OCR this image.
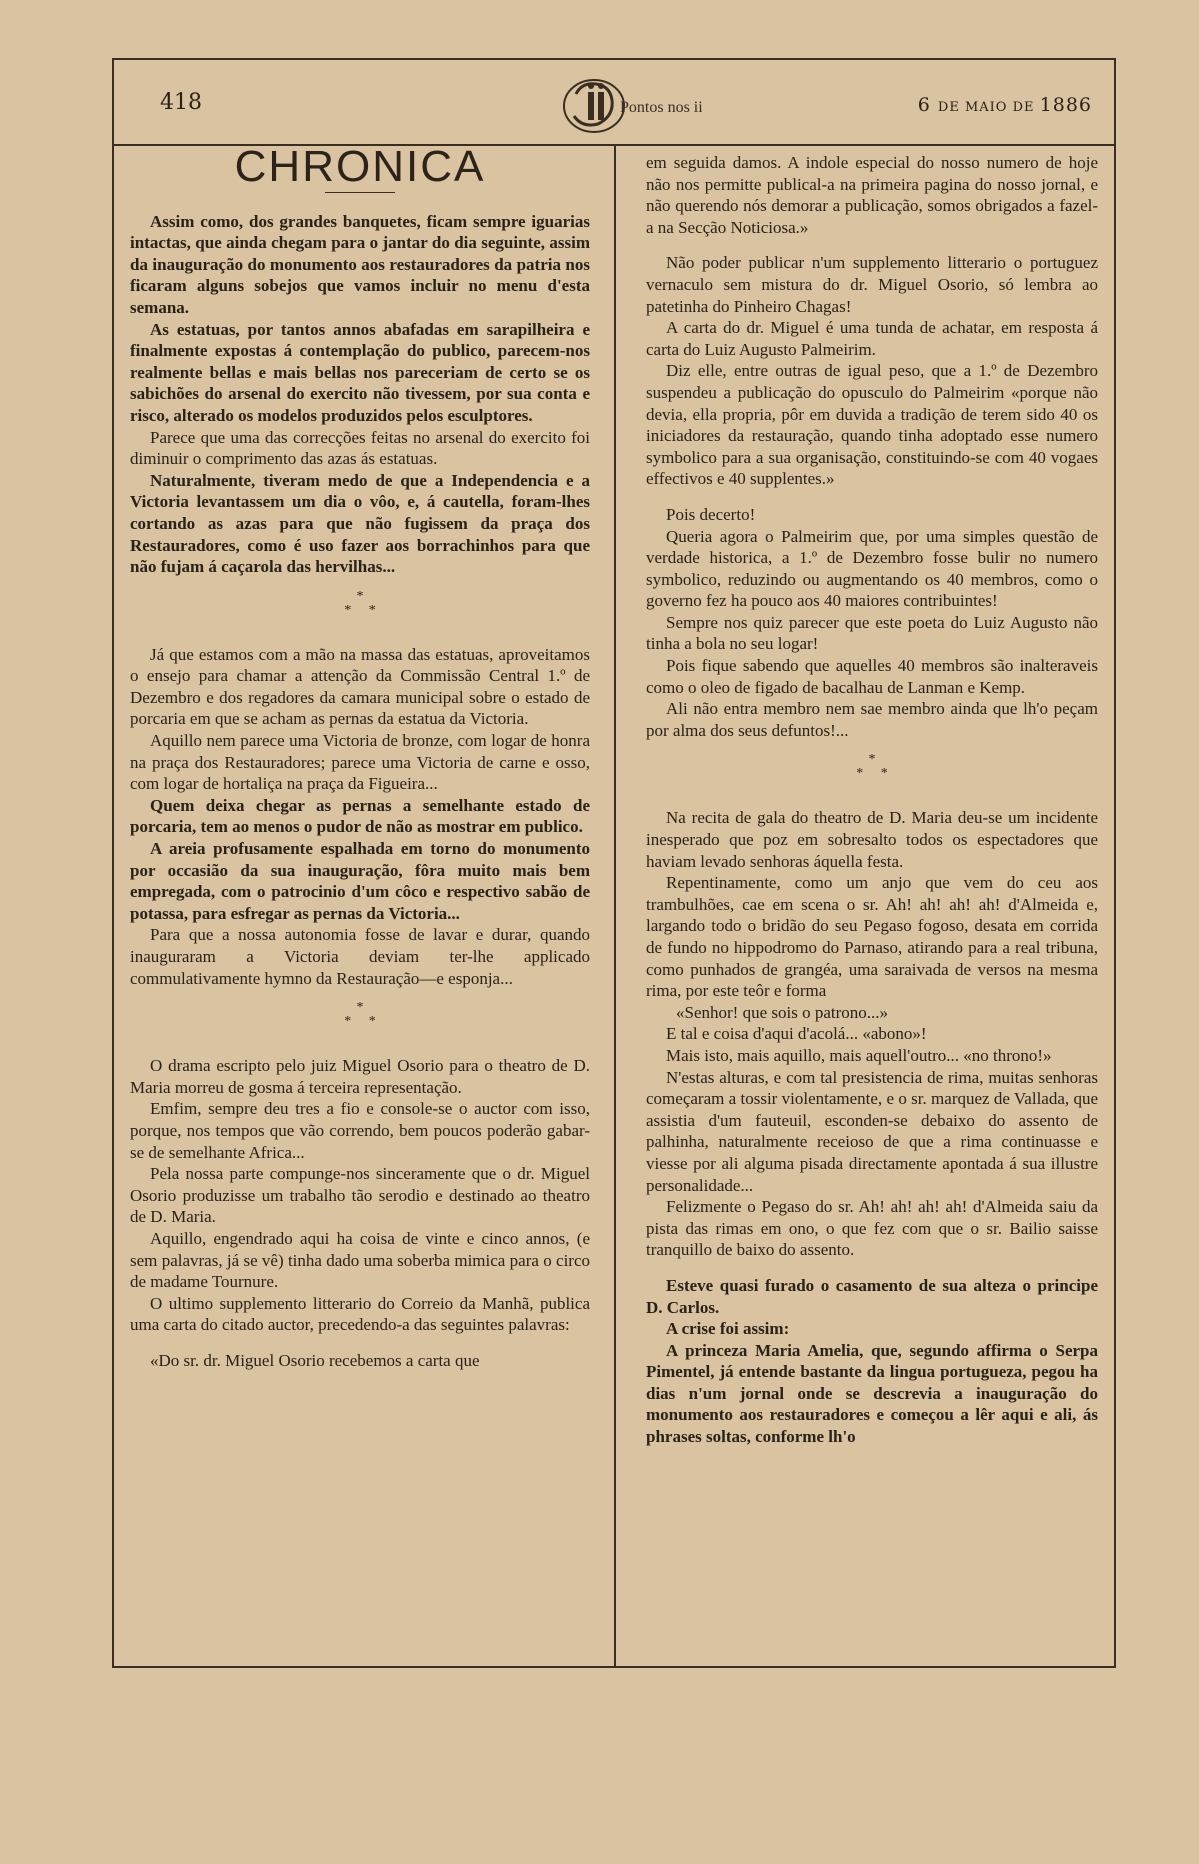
418	Pontos nos ii	6 DE MAIO DE 1886
CHRONICA

Assim como, dos grandes banquetes, ficam sempre iguarias intactas, que ainda chegam para o jantar do dia seguinte, assim da inauguração do monumento aos restauradores da patria nos ficaram alguns sobejos que vamos incluir no menu d'esta semana.

As estatuas, por tantos annos abafadas em sarapilheira e finalmente expostas á contemplação do publico, parecem-nos realmente bellas e mais bellas nos pareceriam de certo se os sabichões do arsenal do exercito não tivessem, por sua conta e risco, alterado os modelos produzidos pelos esculptores.

Parece que uma das correcções feitas no arsenal do exercito foi diminuir o comprimento das azas ás estatuas.

Naturalmente, tiveram medo de que a Independencia e a Victoria levantassem um dia o vôo, e, á cautella, foram-lhes cortando as azas para que não fugissem da praça dos Restauradores, como é uso fazer aos borrachinhos para que não fujam á caçarola das hervilhas...

*
*     *

Já que estamos com a mão na massa das estatuas, aproveitamos o ensejo para chamar a attenção da Commissão Central 1.º de Dezembro e dos regadores da camara municipal sobre o estado de porcaria em que se acham as pernas da estatua da Victoria.

Aquillo nem parece uma Victoria de bronze, com logar de honra na praça dos Restauradores; parece uma Victoria de carne e osso, com logar de hortaliça na praça da Figueira...

Quem deixa chegar as pernas a semelhante estado de porcaria, tem ao menos o pudor de não as mostrar em publico.

A areia profusamente espalhada em torno do monumento por occasião da sua inauguração, fôra muito mais bem empregada, com o patrocinio d'um côco e respectivo sabão de potassa, para esfregar as pernas da Victoria...

Para que a nossa autonomia fosse de lavar e durar, quando inauguraram a Victoria deviam ter-lhe applicado commulativamente hymno da Restauração—e esponja...

*
*     *

O drama escripto pelo juiz Miguel Osorio para o theatro de D. Maria morreu de gosma á terceira representação.

Emfim, sempre deu tres a fio e console-se o auctor com isso, porque, nos tempos que vão correndo, bem poucos poderão gabar-se de semelhante Africa...

Pela nossa parte compunge-nos sinceramente que o dr. Miguel Osorio produzisse um trabalho tão serodio e destinado ao theatro de D. Maria.

Aquillo, engendrado aqui ha coisa de vinte e cinco annos, (e sem palavras, já se vê) tinha dado uma soberba mimica para o circo de madame Tournure.

O ultimo supplemento litterario do Correio da Manhã, publica uma carta do citado auctor, precedendo-a das seguintes palavras:

«Do sr. dr. Miguel Osorio recebemos a carta que

em seguida damos. A indole especial do nosso numero de hoje não nos permitte publical-a na primeira pagina do nosso jornal, e não querendo nós demorar a publicação, somos obrigados a fazel-a na Secção Noticiosa.»

Não poder publicar n'um supplemento litterario o portuguez vernaculo sem mistura do dr. Miguel Osorio, só lembra ao patetinha do Pinheiro Chagas!

A carta do dr. Miguel é uma tunda de achatar, em resposta á carta do Luiz Augusto Palmeirim.

Diz elle, entre outras de igual peso, que a 1.º de Dezembro suspendeu a publicação do opusculo do Palmeirim «porque não devia, ella propria, pôr em duvida a tradição de terem sido 40 os iniciadores da restauração, quando tinha adoptado esse numero symbolico para a sua organisação, constituindo-se com 40 vogaes effectivos e 40 supplentes.»

Pois decerto!

Queria agora o Palmeirim que, por uma simples questão de verdade historica, a 1.º de Dezembro fosse bulir no numero symbolico, reduzindo ou augmentando os 40 membros, como o governo fez ha pouco aos 40 maiores contribuintes!

Sempre nos quiz parecer que este poeta do Luiz Augusto não tinha a bola no seu logar!

Pois fique sabendo que aquelles 40 membros são inalteraveis como o oleo de figado de bacalhau de Lanman e Kemp.

Ali não entra membro nem sae membro ainda que lh'o peçam por alma dos seus defuntos!...

*
*     *

Na recita de gala do theatro de D. Maria deu-se um incidente inesperado que poz em sobresalto todos os espectadores que haviam levado senhoras áquella festa.

Repentinamente, como um anjo que vem do ceu aos trambulhões, cae em scena o sr. Ah! ah! ah! ah! d'Almeida e, largando todo o bridão do seu Pegaso fogoso, desata em corrida de fundo no hippodromo do Parnaso, atirando para a real tribuna, como punhados de grangéa, uma saraivada de versos na mesma rima, por este teôr e forma

«Senhor! que sois o patrono...»

E tal e coisa d'aqui d'acolá... «abono»!

Mais isto, mais aquillo, mais aquell'outro... «no throno!»

N'estas alturas, e com tal presistencia de rima, muitas senhoras começaram a tossir violentamente, e o sr. marquez de Vallada, que assistia d'um fauteuil, esconden-se debaixo do assento de palhinha, naturalmente receioso de que a rima continuasse e viesse por ali alguma pisada directamente apontada á sua illustre personalidade...

Felizmente o Pegaso do sr. Ah! ah! ah! ah! d'Almeida saiu da pista das rimas em ono, o que fez com que o sr. Bailio saisse tranquillo de baixo do assento.

Esteve quasi furado o casamento de sua alteza o principe D. Carlos.

A crise foi assim:

A princeza Maria Amelia, que, segundo affirma o Serpa Pimentel, já entende bastante da lingua portugueza, pegou ha dias n'um jornal onde se descrevia a inauguração do monumento aos restauradores e começou a lêr aqui e ali, ás phrases soltas, conforme lh'o
